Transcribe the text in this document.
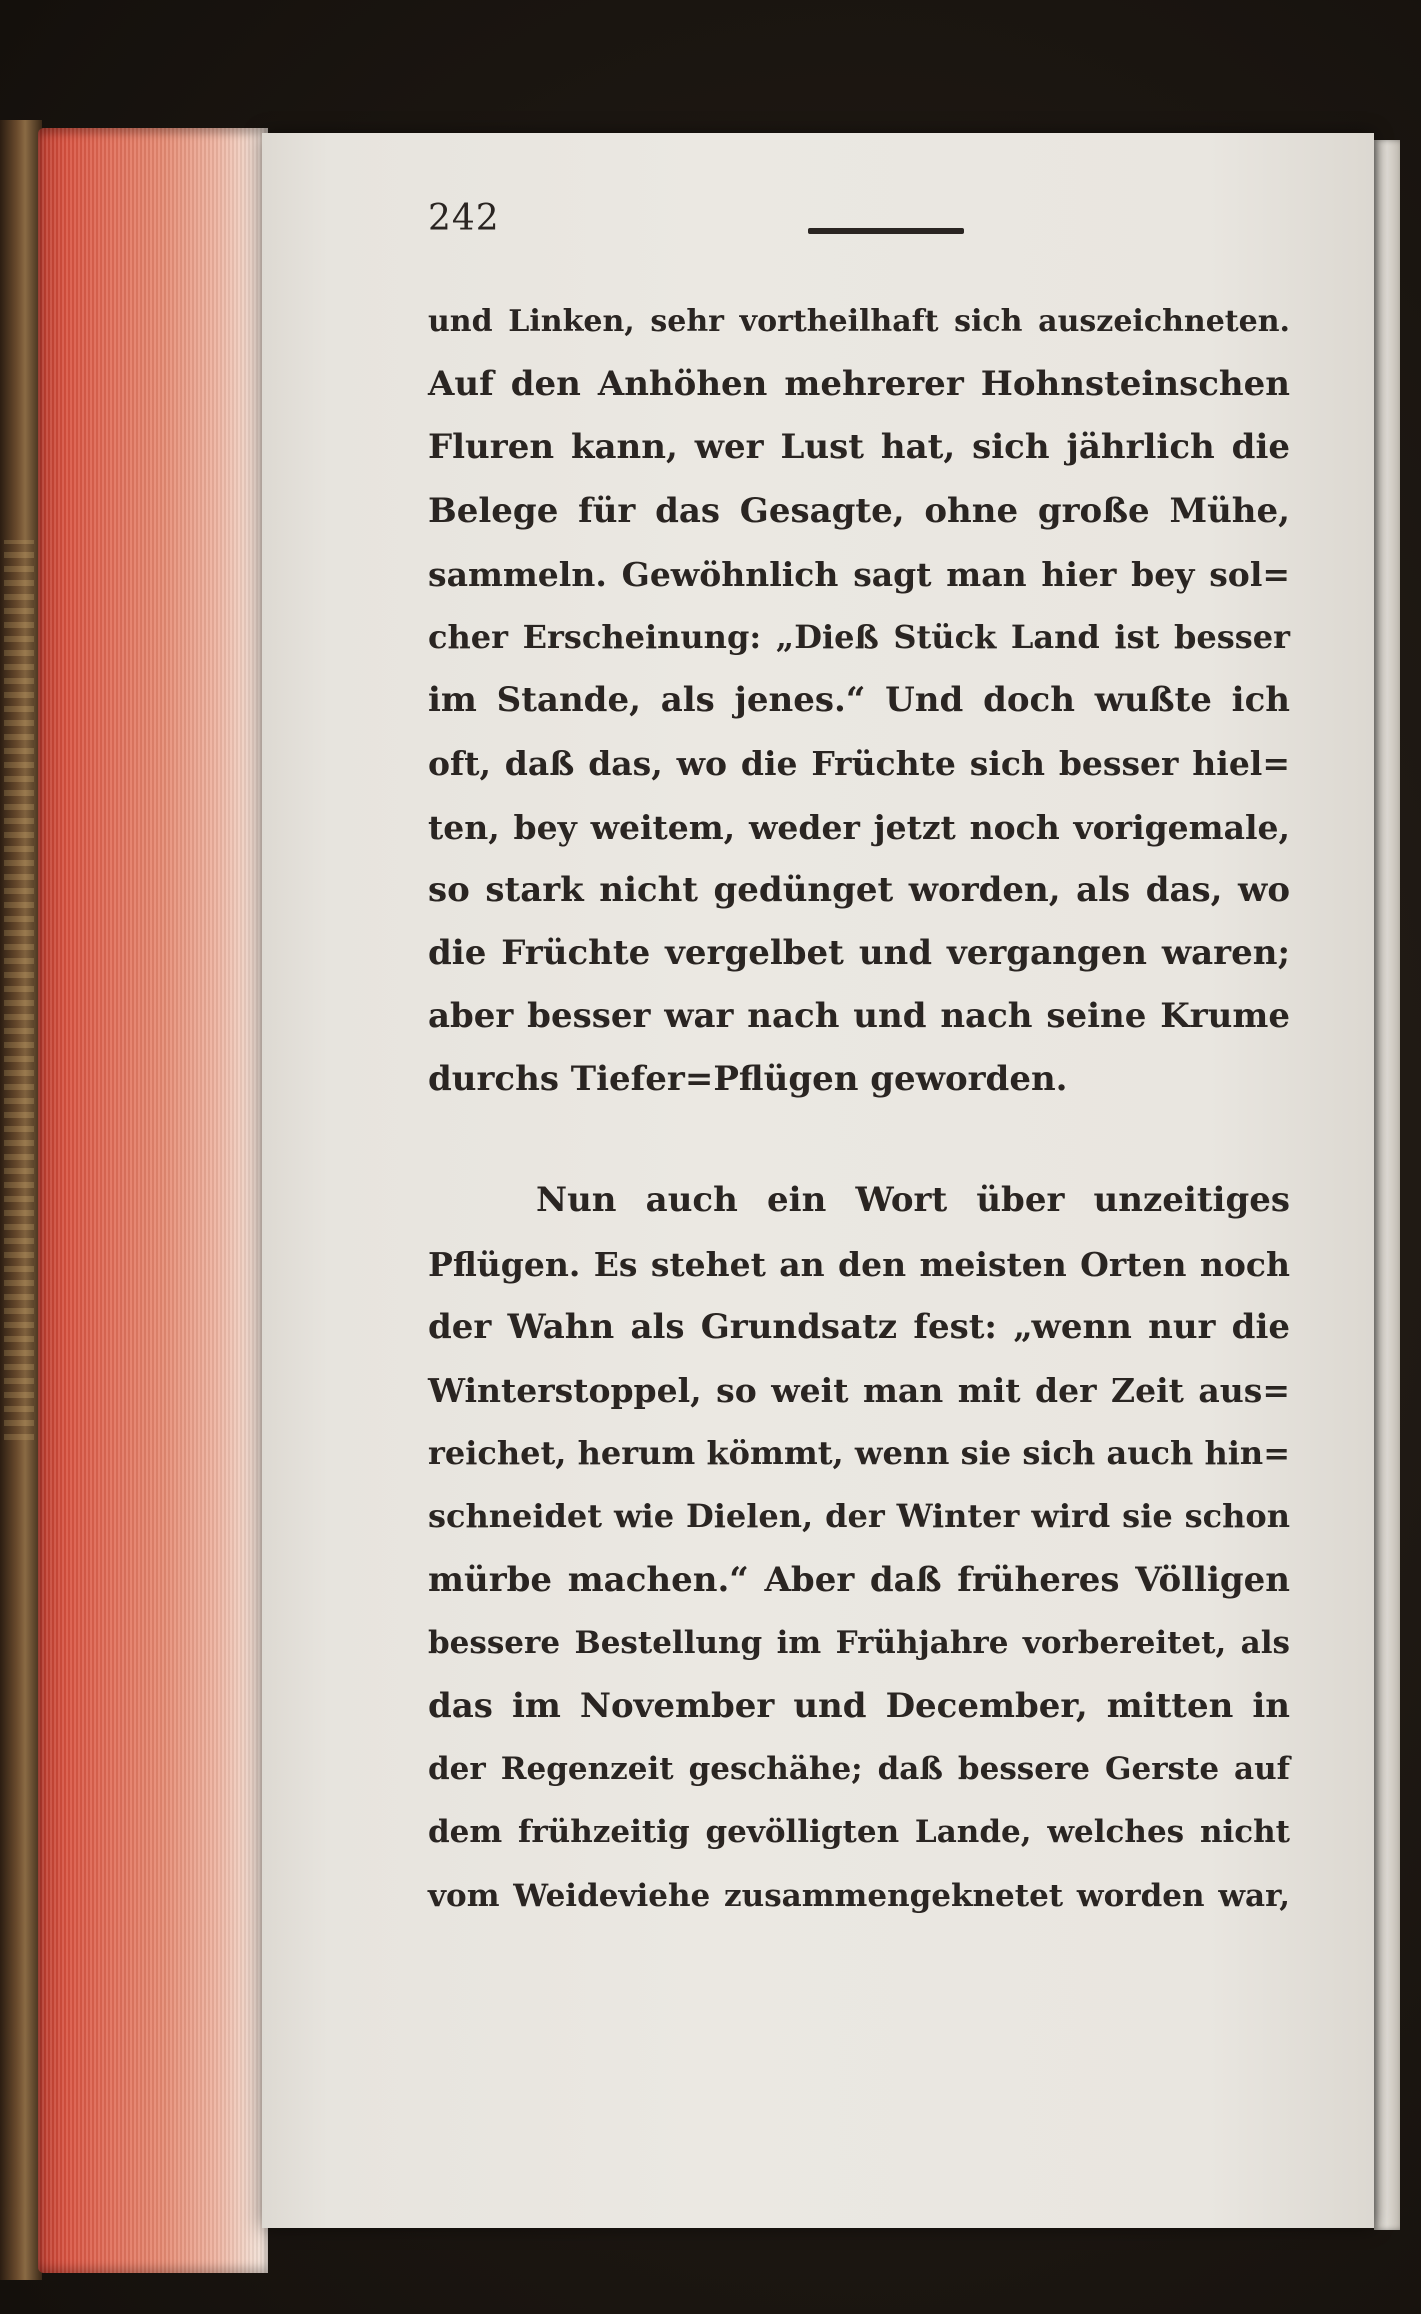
242
und Linken, sehr vortheilhaft sich auszeichneten.
Auf den Anhöhen mehrerer Hohnsteinschen
Fluren kann, wer Lust hat, sich jährlich die
Belege für das Gesagte, ohne große Mühe,
sammeln. Gewöhnlich sagt man hier bey sol=
cher Erscheinung: „Dieß Stück Land ist besser
im Stande, als jenes.“ Und doch wußte ich
oft, daß das, wo die Früchte sich besser hiel=
ten, bey weitem, weder jetzt noch vorigemale,
so stark nicht gedünget worden, als das, wo
die Früchte vergelbet und vergangen waren;
aber besser war nach und nach seine Krume
durchs Tiefer=Pflügen geworden.
Nun auch ein Wort über unzeitiges
Pflügen. Es stehet an den meisten Orten noch
der Wahn als Grundsatz fest: „wenn nur die
Winterstoppel, so weit man mit der Zeit aus=
reichet, herum kömmt, wenn sie sich auch hin=
schneidet wie Dielen, der Winter wird sie schon
mürbe machen.“ Aber daß früheres Völligen
bessere Bestellung im Frühjahre vorbereitet, als
das im November und December, mitten in
der Regenzeit geschähe; daß bessere Gerste auf
dem frühzeitig gevölligten Lande, welches nicht
vom Weideviehe zusammengeknetet worden war,
